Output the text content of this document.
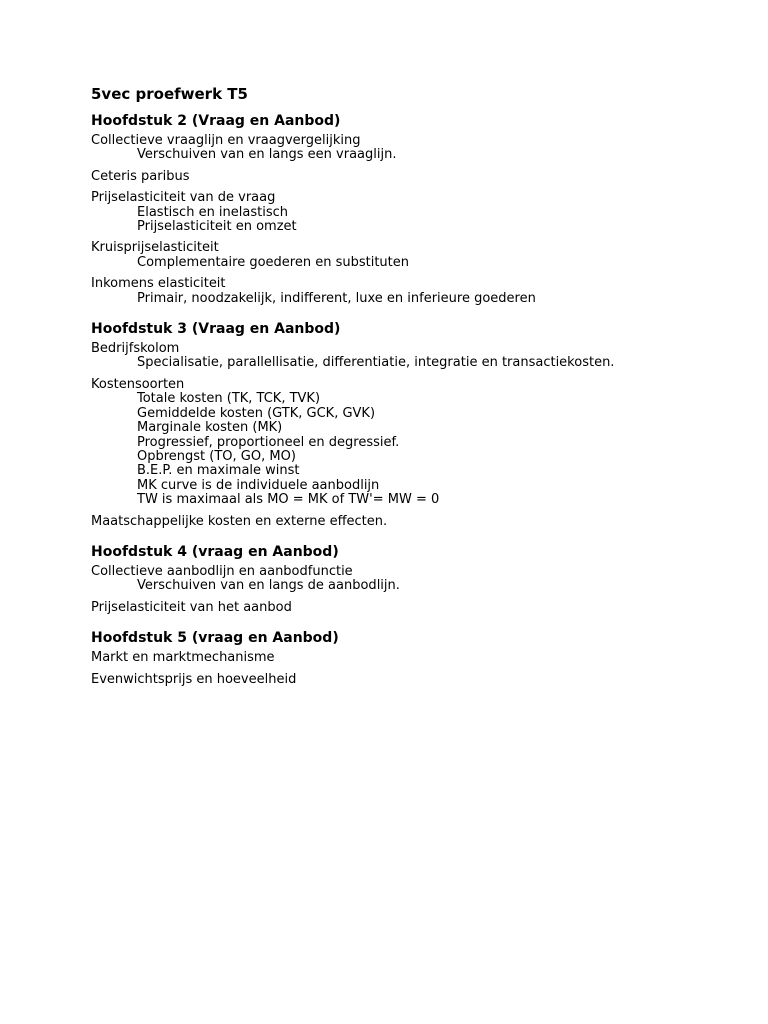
5vec proefwerk T5
Hoofdstuk 2 (Vraag en Aanbod)
Collectieve vraaglijn en vraagvergelijking
Verschuiven van en langs een vraaglijn.
Ceteris paribus
Prijselasticiteit van de vraag
Elastisch en inelastisch
Prijselasticiteit en omzet
Kruisprijselasticiteit
Complementaire goederen en substituten
Inkomens elasticiteit
Primair, noodzakelijk, indifferent, luxe en inferieure goederen
Hoofdstuk 3 (Vraag en Aanbod)
Bedrijfskolom
Specialisatie, parallellisatie, differentiatie, integratie en transactiekosten.
Kostensoorten
Totale kosten (TK, TCK, TVK)
Gemiddelde kosten (GTK, GCK, GVK)
Marginale kosten (MK)
Progressief, proportioneel en degressief.
Opbrengst (TO, GO, MO)
B.E.P. en maximale winst
MK curve is de individuele aanbodlijn
TW is maximaal als MO = MK of TW'= MW = 0
Maatschappelijke kosten en externe effecten.
Hoofdstuk 4 (vraag en Aanbod)
Collectieve aanbodlijn en aanbodfunctie
Verschuiven van en langs de aanbodlijn.
Prijselasticiteit van het aanbod
Hoofdstuk 5 (vraag en Aanbod)
Markt en marktmechanisme
Evenwichtsprijs en hoeveelheid
